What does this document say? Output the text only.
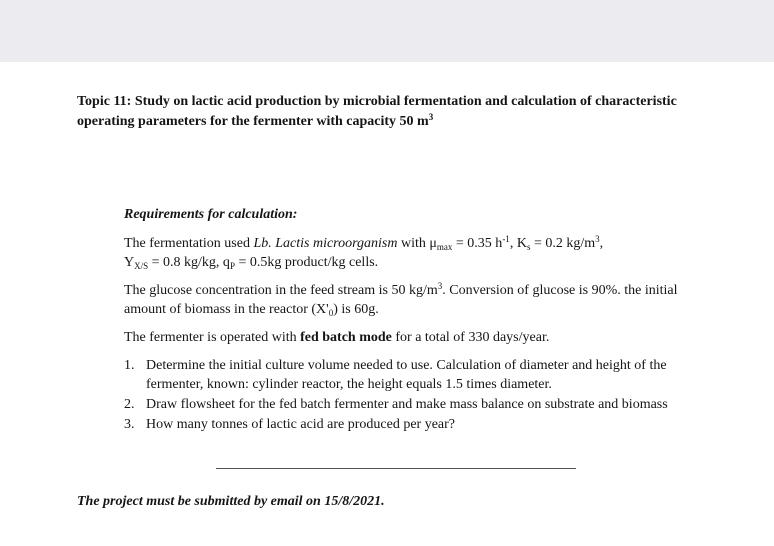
Topic 11: Study on lactic acid production by microbial fermentation and calculation of characteristic operating parameters for the fermenter with capacity 50 $m^3$
Requirements for calculation:
The fermentation used Lb. Lactis microorganism with $\mu_{max} = 0.35$ $h^{-1}$, $K_s = 0.2$ $kg/m^3$,
$Y_{X/S} = 0.8$ kg/kg, $q_P = 0.5kg$ product/kg cells.
The glucose concentration in the feed stream is 50 $kg/m^3$. Conversion of glucose is 90%. the initial amount of biomass in the reactor $(X'_0)$ is 60g.
The fermenter is operated with fed batch mode for a total of 330 days/year.
1. Determine the initial culture volume needed to use. Calculation of diameter and height of the fermenter, known: cylinder reactor, the height equals 1.5 times diameter.
2. Draw flowsheet for the fed batch fermenter and make mass balance on substrate and biomass
3. How many tonnes of lactic acid are produced per year?
The project must be submitted by email on 15/8/2021.
